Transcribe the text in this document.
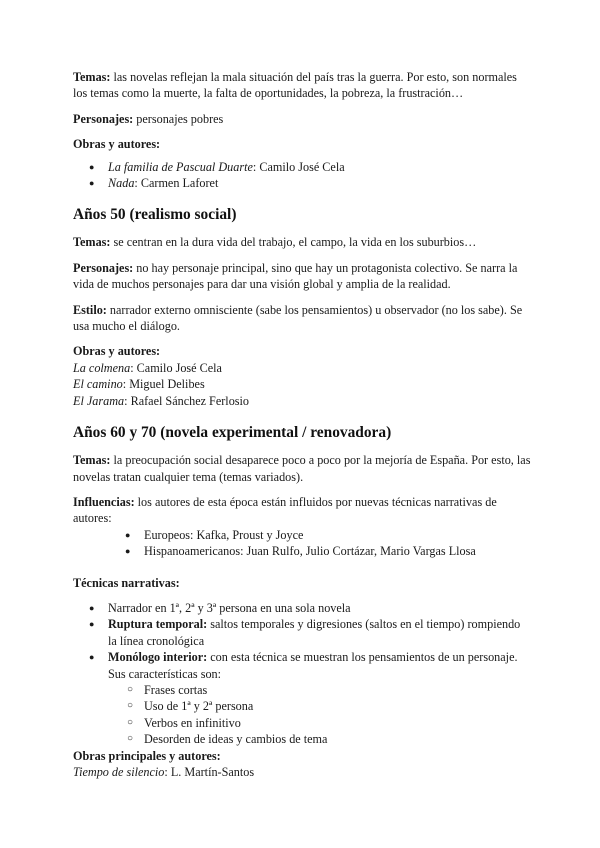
Temas: las novelas reflejan la mala situación del país tras la guerra. Por esto, son normales los temas como la muerte, la falta de oportunidades, la pobreza, la frustración…

Personajes: personajes pobres

Obras y autores:

● La familia de Pascual Duarte: Camilo José Cela
● Nada: Carmen Laforet

Años 50 (realismo social)

Temas: se centran en la dura vida del trabajo, el campo, la vida en los suburbios…

Personajes: no hay personaje principal, sino que hay un protagonista colectivo. Se narra la vida de muchos personajes para dar una visión global y amplia de la realidad.

Estilo: narrador externo omnisciente (sabe los pensamientos) u observador (no los sabe). Se usa mucho el diálogo.

Obras y autores:

La colmena: Camilo José Cela

El camino: Miguel Delibes

El Jarama: Rafael Sánchez Ferlosio

Años 60 y 70 (novela experimental / renovadora)

Temas: la preocupación social desaparece poco a poco por la mejoría de España. Por esto, las novelas tratan cualquier tema (temas variados).

Influencias: los autores de esta época están influidos por nuevas técnicas narrativas de autores:

● Europeos: Kafka, Proust y Joyce
● Hispanoamericanos: Juan Rulfo, Julio Cortázar, Mario Vargas Llosa

Técnicas narrativas:

● Narrador en 1ª, 2ª y 3ª persona en una sola novela
● Ruptura temporal: saltos temporales y digresiones (saltos en el tiempo) rompiendo la línea cronológica
● Monólogo interior: con esta técnica se muestran los pensamientos de un personaje. Sus características son:
○ Frases cortas
○ Uso de 1ª y 2ª persona
○ Verbos en infinitivo
○ Desorden de ideas y cambios de tema

Obras principales y autores:

Tiempo de silencio: L. Martín-Santos
